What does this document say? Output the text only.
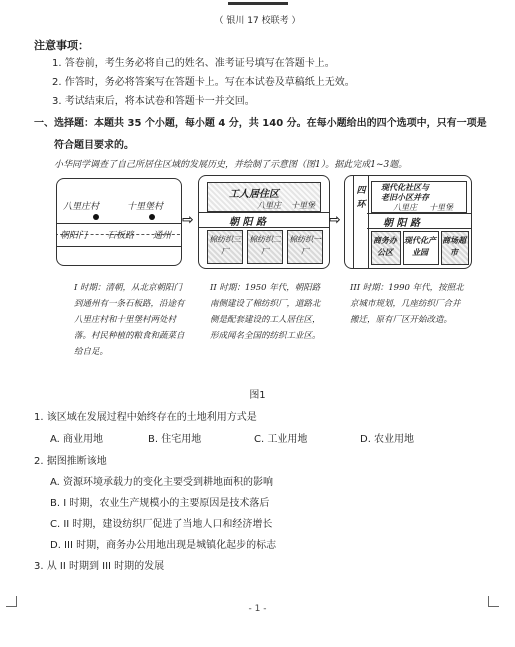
（ 银川 17 校联考 ）
注意事项：
1. 答卷前，考生务必将自己的姓名、准考证号填写在答题卡上。
2. 作答时，务必将答案写在答题卡上。写在本试卷及草稿纸上无效。
3. 考试结束后，将本试卷和答题卡一并交回。
一、选择题：本题共 35 个小题，每小题 4 分，共 140 分。在每小题给出的四个选项中，只有一项是
符合题目要求的。
小华同学调查了自己所居住区域的发展历史，并绘制了示意图（图1）。据此完成1~3题。
八里庄村	十里堡村
朝阳门 石板路 通州
⇨
工人居住区
八里庄 十里堡
朝 阳 路
棉纺织三厂
棉纺织二厂
棉纺织一厂
⇨
四环
现代化社区与
老旧小区并存
八里庄 十里堡
朝 阳 路
商务办公区
现代化产业园
商场超市
I 时期：清朝，从北京朝阳门到通州有一条石板路，沿途有八里庄村和十里堡村两处村落。村民种植的粮食和蔬菜自给自足。
II 时期：1950 年代，朝阳路南侧建设了棉纺织厂，道路北侧是配套建设的工人居住区，形成闻名全国的纺织工业区。
III 时期：1990 年代，按照北京城市规划，几座纺织厂合并搬迁，原有厂区开始改造。
图1
1. 该区域在发展过程中始终存在的土地利用方式是
A. 商业用地	B. 住宅用地	C. 工业用地	D. 农业用地
2. 据图推断该地
A. 资源环境承载力的变化主要受到耕地面积的影响
B. I 时期，农业生产规模小的主要原因是技术落后
C. II 时期，建设纺织厂促进了当地人口和经济增长
D. III 时期，商务办公用地出现是城镇化起步的标志
3. 从 II 时期到 III 时期的发展
- 1 -
